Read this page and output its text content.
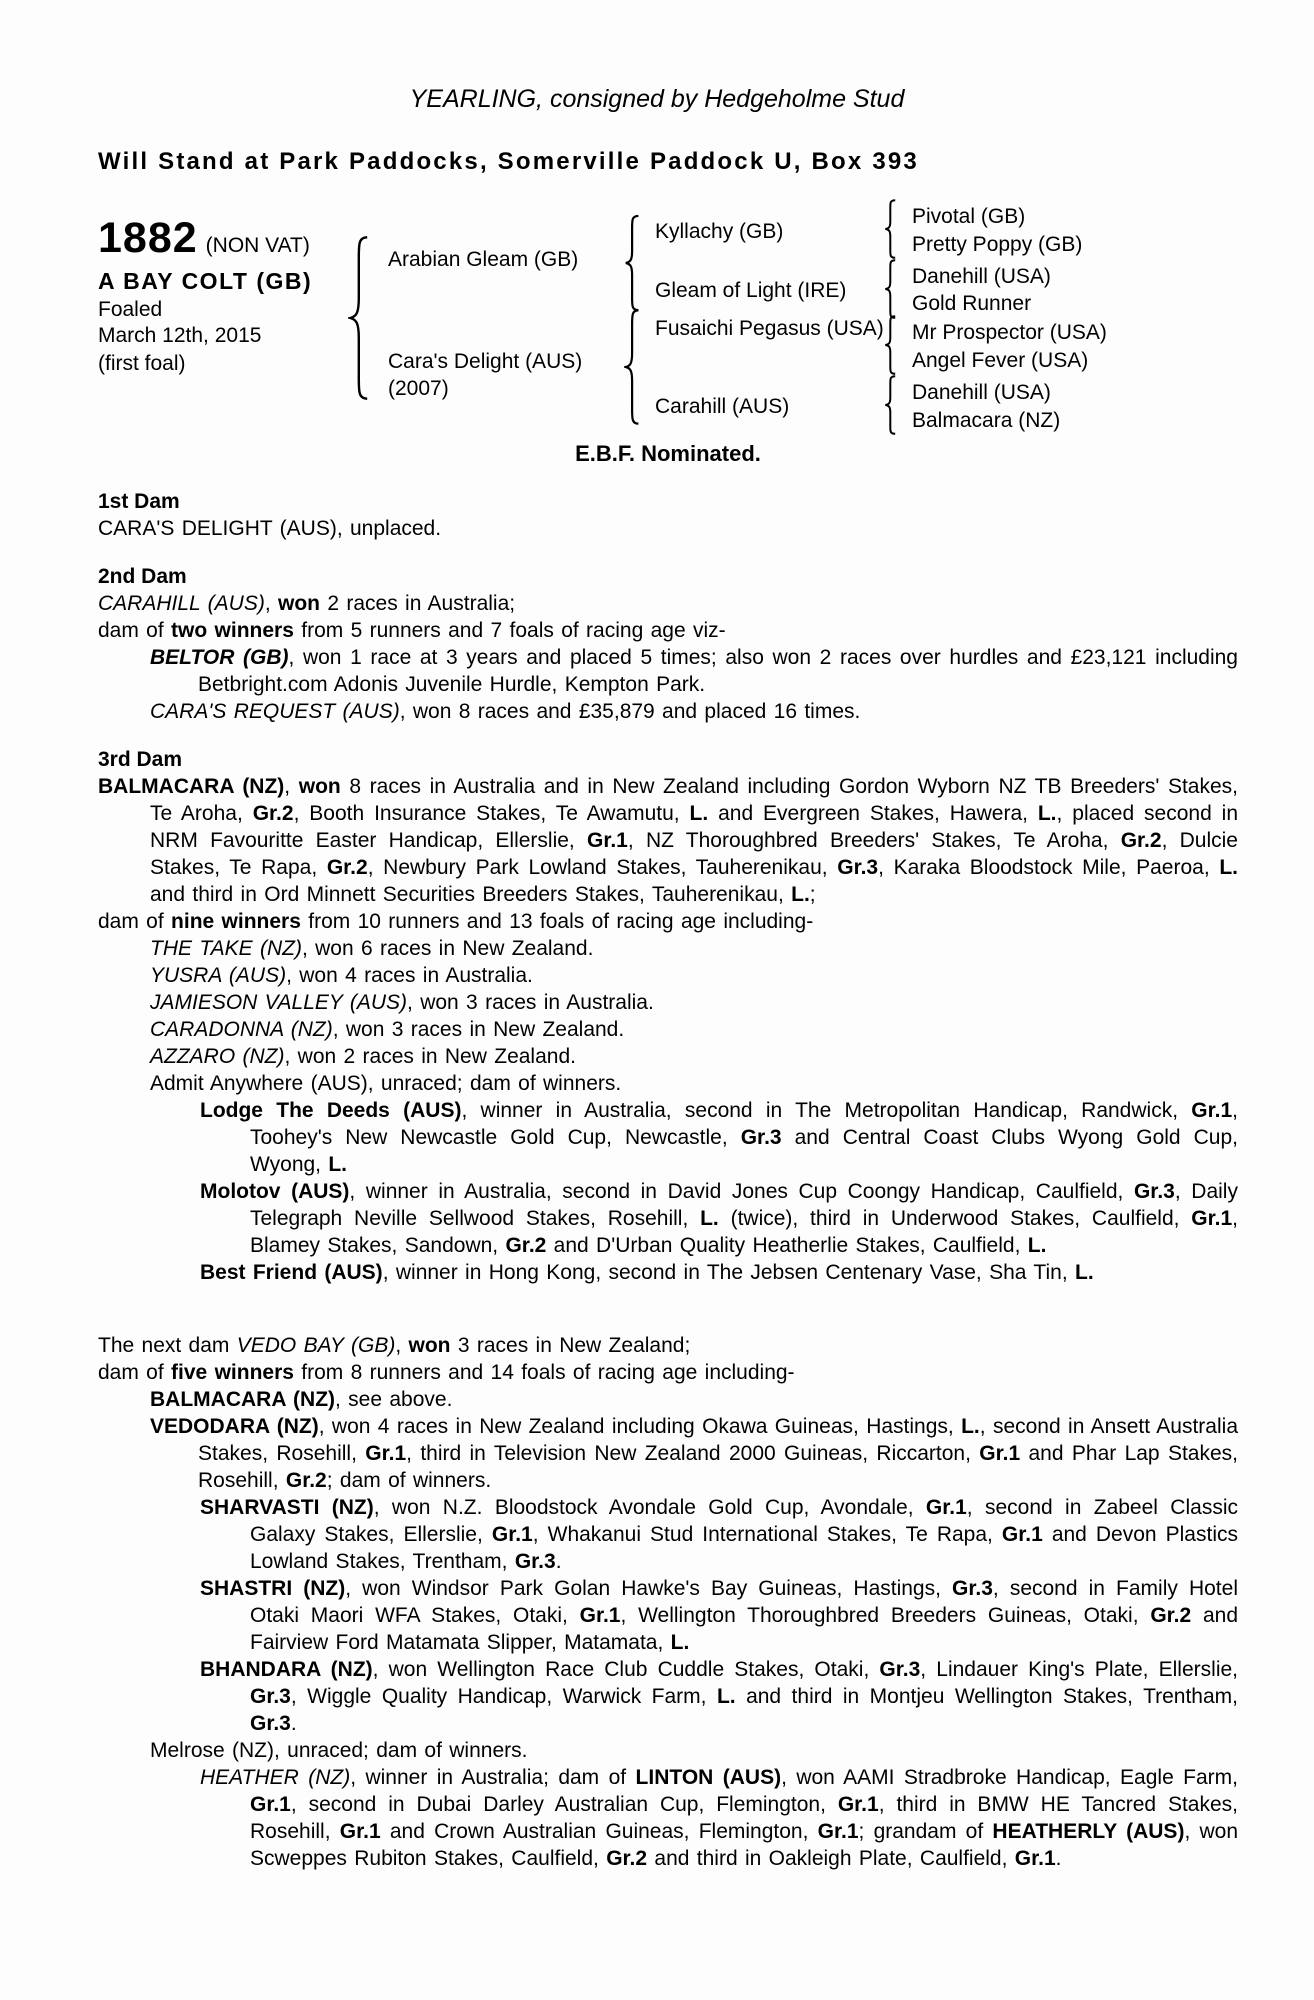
YEARLING, consigned by Hedgeholme Stud
Will Stand at Park Paddocks, Somerville Paddock U, Box 393
1882 (NON VAT)
A BAY COLT (GB)
Foaled
March 12th, 2015
(first foal)
Arabian Gleam (GB)
Cara's Delight (AUS)
(2007)
Kyllachy (GB)
Gleam of Light (IRE)
Fusaichi Pegasus (USA)
Carahill (AUS)
Pivotal (GB)
Pretty Poppy (GB)
Danehill (USA)
Gold Runner
Mr Prospector (USA)
Angel Fever (USA)
Danehill (USA)
Balmacara (NZ)
E.B.F. Nominated.
1st Dam
CARA'S DELIGHT (AUS), unplaced.
2nd Dam
CARAHILL (AUS), won 2 races in Australia;
dam of two winners from 5 runners and 7 foals of racing age viz-
BELTOR (GB), won 1 race at 3 years and placed 5 times; also won 2 races over hurdles and £23,121 including Betbright.com Adonis Juvenile Hurdle, Kempton Park.
CARA'S REQUEST (AUS), won 8 races and £35,879 and placed 16 times.
3rd Dam
BALMACARA (NZ), won 8 races in Australia and in New Zealand including Gordon Wyborn NZ TB Breeders' Stakes, Te Aroha, Gr.2, Booth Insurance Stakes, Te Awamutu, L. and Evergreen Stakes, Hawera, L., placed second in NRM Favouritte Easter Handicap, Ellerslie, Gr.1, NZ Thoroughbred Breeders' Stakes, Te Aroha, Gr.2, Dulcie Stakes, Te Rapa, Gr.2, Newbury Park Lowland Stakes, Tauherenikau, Gr.3, Karaka Bloodstock Mile, Paeroa, L. and third in Ord Minnett Securities Breeders Stakes, Tauherenikau, L.;
dam of nine winners from 10 runners and 13 foals of racing age including-
THE TAKE (NZ), won 6 races in New Zealand.
YUSRA (AUS), won 4 races in Australia.
JAMIESON VALLEY (AUS), won 3 races in Australia.
CARADONNA (NZ), won 3 races in New Zealand.
AZZARO (NZ), won 2 races in New Zealand.
Admit Anywhere (AUS), unraced; dam of winners.
Lodge The Deeds (AUS), winner in Australia, second in The Metropolitan Handicap, Randwick, Gr.1, Toohey's New Newcastle Gold Cup, Newcastle, Gr.3 and Central Coast Clubs Wyong Gold Cup, Wyong, L.
Molotov (AUS), winner in Australia, second in David Jones Cup Coongy Handicap, Caulfield, Gr.3, Daily Telegraph Neville Sellwood Stakes, Rosehill, L. (twice), third in Underwood Stakes, Caulfield, Gr.1, Blamey Stakes, Sandown, Gr.2 and D'Urban Quality Heatherlie Stakes, Caulfield, L.
Best Friend (AUS), winner in Hong Kong, second in The Jebsen Centenary Vase, Sha Tin, L.
The next dam VEDO BAY (GB), won 3 races in New Zealand;
dam of five winners from 8 runners and 14 foals of racing age including-
BALMACARA (NZ), see above.
VEDODARA (NZ), won 4 races in New Zealand including Okawa Guineas, Hastings, L., second in Ansett Australia Stakes, Rosehill, Gr.1, third in Television New Zealand 2000 Guineas, Riccarton, Gr.1 and Phar Lap Stakes, Rosehill, Gr.2; dam of winners.
SHARVASTI (NZ), won N.Z. Bloodstock Avondale Gold Cup, Avondale, Gr.1, second in Zabeel Classic Galaxy Stakes, Ellerslie, Gr.1, Whakanui Stud International Stakes, Te Rapa, Gr.1 and Devon Plastics Lowland Stakes, Trentham, Gr.3.
SHASTRI (NZ), won Windsor Park Golan Hawke's Bay Guineas, Hastings, Gr.3, second in Family Hotel Otaki Maori WFA Stakes, Otaki, Gr.1, Wellington Thoroughbred Breeders Guineas, Otaki, Gr.2 and Fairview Ford Matamata Slipper, Matamata, L.
BHANDARA (NZ), won Wellington Race Club Cuddle Stakes, Otaki, Gr.3, Lindauer King's Plate, Ellerslie, Gr.3, Wiggle Quality Handicap, Warwick Farm, L. and third in Montjeu Wellington Stakes, Trentham, Gr.3.
Melrose (NZ), unraced; dam of winners.
HEATHER (NZ), winner in Australia; dam of LINTON (AUS), won AAMI Stradbroke Handicap, Eagle Farm, Gr.1, second in Dubai Darley Australian Cup, Flemington, Gr.1, third in BMW HE Tancred Stakes, Rosehill, Gr.1 and Crown Australian Guineas, Flemington, Gr.1; grandam of HEATHERLY (AUS), won Scweppes Rubiton Stakes, Caulfield, Gr.2 and third in Oakleigh Plate, Caulfield, Gr.1.
